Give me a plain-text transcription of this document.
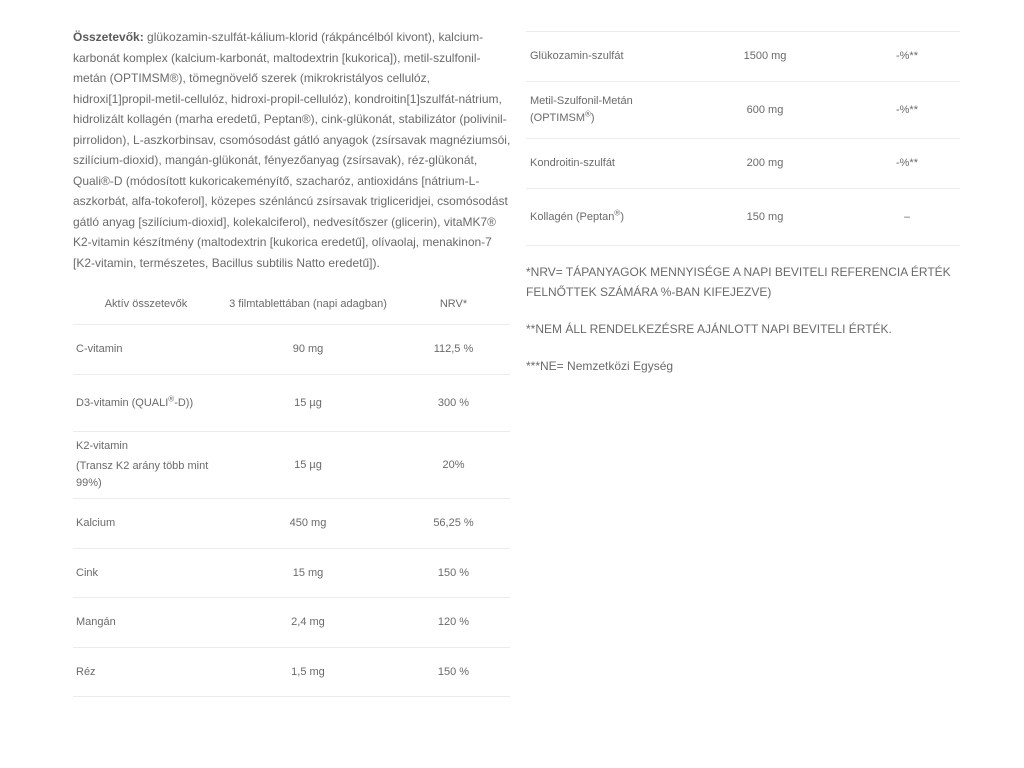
Összetevők: glükozamin-szulfát-kálium-klorid (rákpáncélból kivont), kalcium-karbonát komplex (kalcium-karbonát, maltodextrin [kukorica]), metil-szulfonil-metán (OPTIMSM®), tömegnövelő szerek (mikrokristályos cellulóz, hidroxi[1]propil-metil-cellulóz, hidroxi-propil-cellulóz), kondroitin[1]szulfát-nátrium, hidrolizált kollagén (marha eredetű, Peptan®), cink-glükonát, stabilizátor (polivinil-pirrolidon), L-aszkorbinsav, csomósodást gátló anyagok (zsírsavak magnéziumsói, szilícium-dioxid), mangán-glükonát, fényezőanyag (zsírsavak), réz-glükonát, Quali®-D (módosított kukoricakeményítő, szacharóz, antioxidáns [nátrium-L-aszkorbát, alfa-tokoferol], közepes szénláncú zsírsavak trigliceridjei, csomósodást gátló anyag [szilícium-dioxid], kolekalciferol), nedvesítőszer (glicerin), vitaMK7® K2-vitamin készítmény (maltodextrin [kukorica eredetű], olívaolaj, menakinon-7 [K2-vitamin, természetes, Bacillus subtilis Natto eredetű]).

Aktív összetevők	3 filmtablettában (napi adagban)	NRV*
C-vitamin	90 mg	112,5 %
D3-vitamin (QUALI®-D))	15 µg	300 %

K2-vitamin
(Transz K2 arány több mint 99%)	15 µg	20%
Kalcium	450 mg	56,25 %
Cink	15 mg	150 %
Mangán	2,4 mg	120 %
Réz	1,5 mg	150 %
Glükozamin-szulfát	1500 mg	-%**
Metil-Szulfonil-Metán (OPTIMSM®)	600 mg	-%**
Kondroitin-szulfát	200 mg	-%**
Kollagén (Peptan®)	150 mg	–

*NRV= TÁPANYAGOK MENNYISÉGE A NAPI BEVITELI REFERENCIA ÉRTÉK FELNŐTTEK SZÁMÁRA %-BAN KIFEJEZVE)

**NEM ÁLL RENDELKEZÉSRE AJÁNLOTT NAPI BEVITELI ÉRTÉK.

***NE= Nemzetközi Egység
